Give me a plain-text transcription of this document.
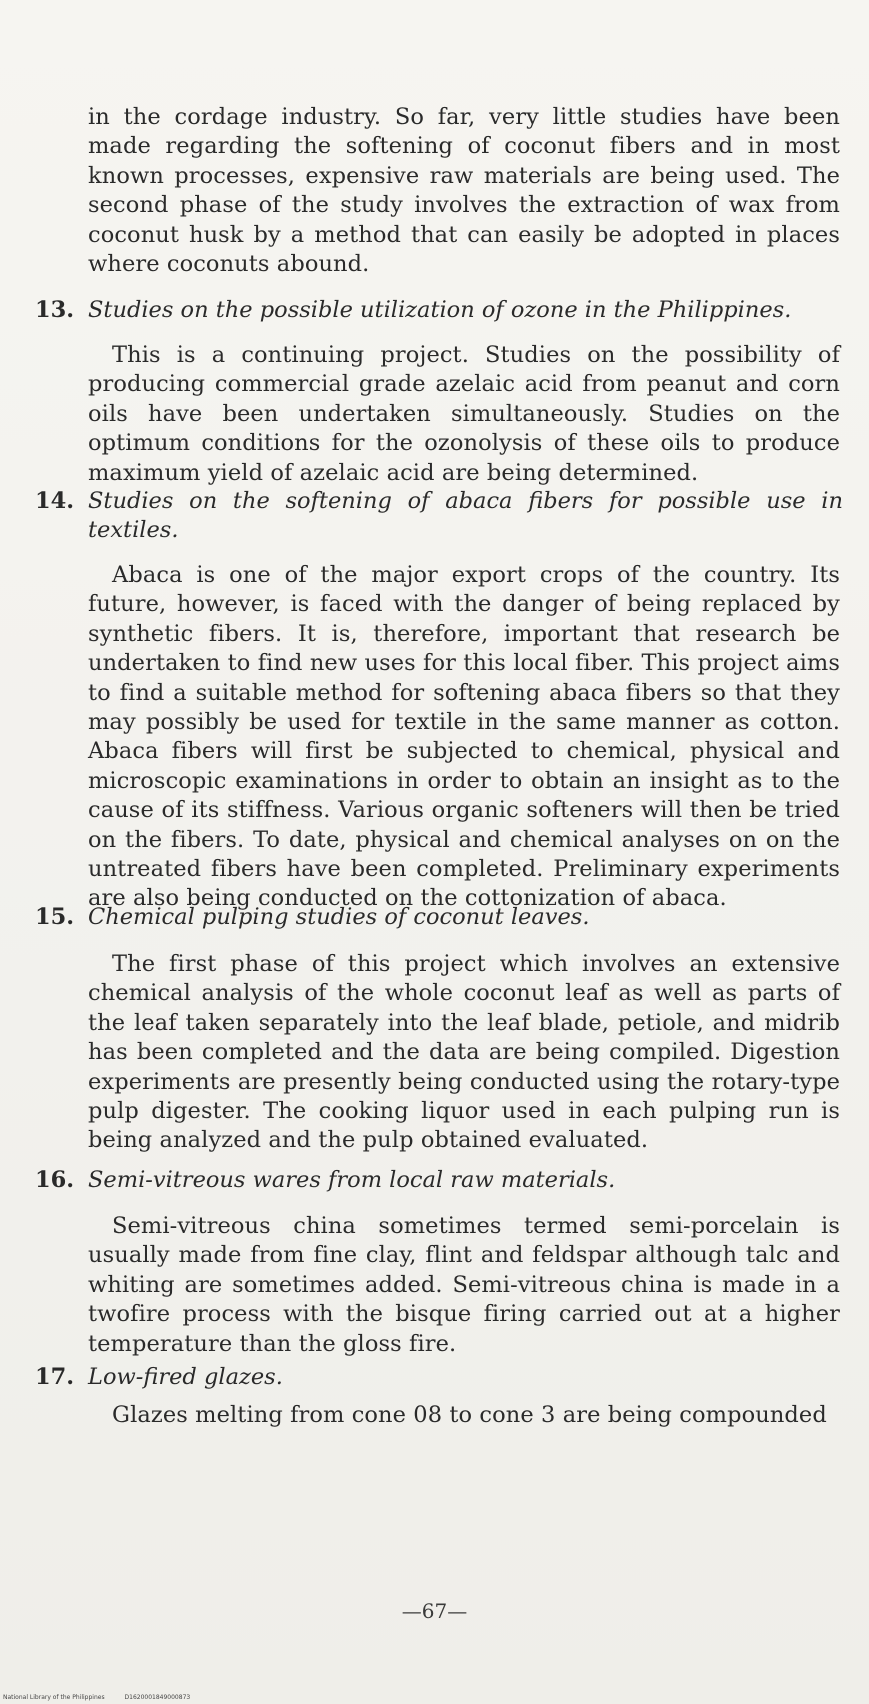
in the cordage industry. So far, very little studies have been made regarding the softening of coconut fibers and in most known processes, expensive raw materials are being used. The second phase of the study involves the extraction of wax from coconut husk by a method that can easily be adopted in places where coconuts abound.
13. Studies on the possible utilization of ozone in the Philippines.
This is a continuing project. Studies on the possibility of producing commercial grade azelaic acid from peanut and corn oils have been undertaken simultaneously. Studies on the optimum conditions for the ozonolysis of these oils to produce maximum yield of azelaic acid are being determined.
14. Studies on the softening of abaca fibers for possible use in textiles.
Abaca is one of the major export crops of the country. Its future, however, is faced with the danger of being replaced by synthetic fibers. It is, therefore, important that research be undertaken to find new uses for this local fiber. This project aims to find a suitable method for softening abaca fibers so that they may possibly be used for textile in the same manner as cotton. Abaca fibers will first be subjected to chemical, physical and microscopic examinations in order to obtain an insight as to the cause of its stiffness. Various organic softeners will then be tried on the fibers. To date, physical and chemical analyses on on the untreated fibers have been completed. Preliminary experiments are also being conducted on the cottonization of abaca.
15. Chemical pulping studies of coconut leaves.
The first phase of this project which involves an extensive chemical analysis of the whole coconut leaf as well as parts of the leaf taken separately into the leaf blade, petiole, and midrib has been completed and the data are being compiled. Digestion experiments are presently being conducted using the rotary-type pulp digester. The cooking liquor used in each pulping run is being analyzed and the pulp obtained evaluated.
16. Semi-vitreous wares from local raw materials.
Semi-vitreous china sometimes termed semi-porcelain is usually made from fine clay, flint and feldspar although talc and whiting are sometimes added. Semi-vitreous china is made in a twofire process with the bisque firing carried out at a higher temperature than the gloss fire.
17. Low-fired glazes.
Glazes melting from cone 08 to cone 3 are being compounded
—67—
National Library of the Philippines	D1620001849000873
